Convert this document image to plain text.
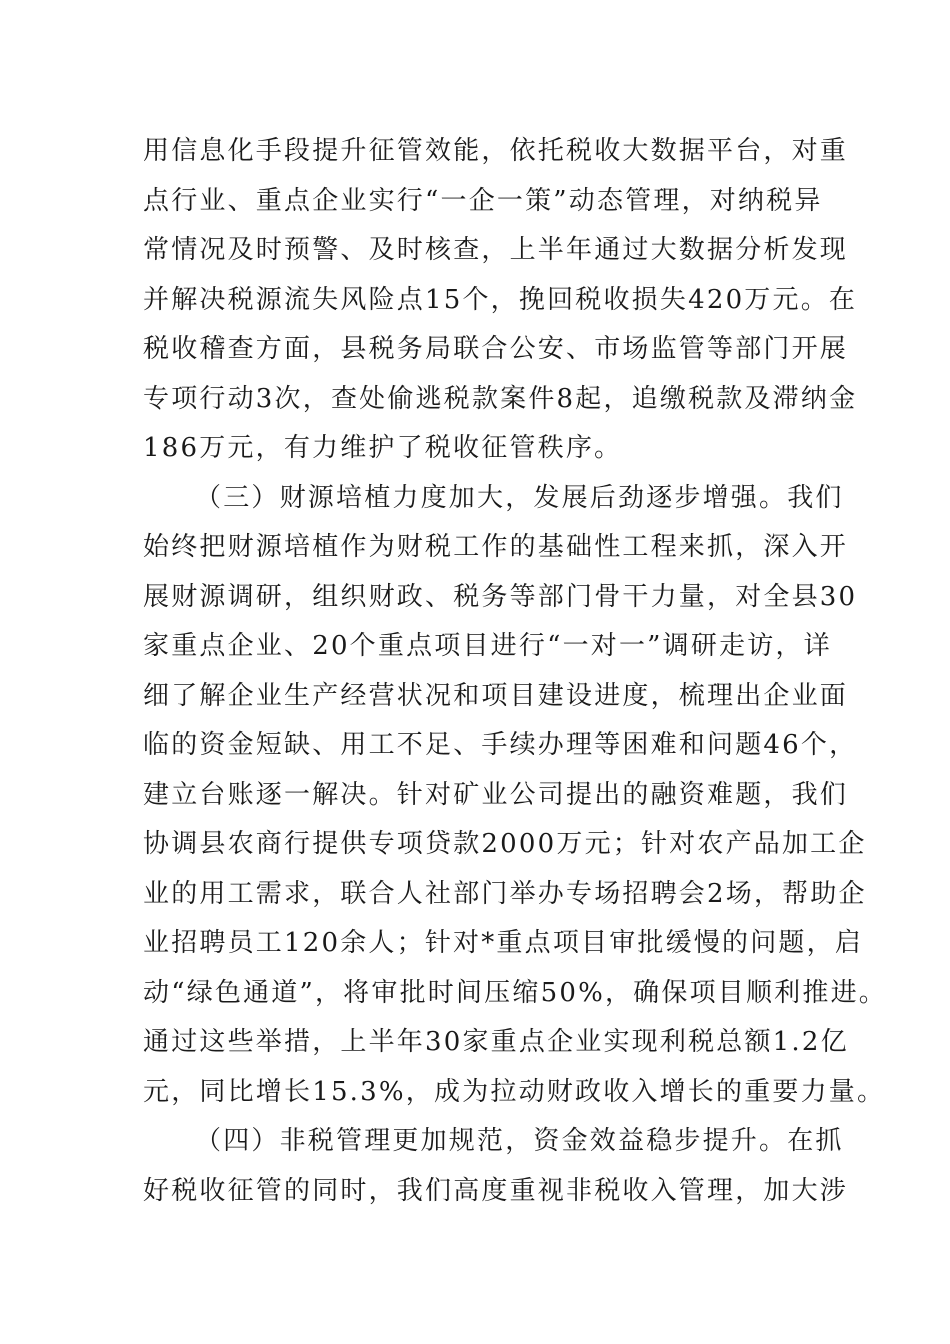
用信息化手段提升征管效能，依托税收大数据平台，对重
点行业、重点企业实行“一企一策”动态管理，对纳税异
常情况及时预警、及时核查，上半年通过大数据分析发现
并解决税源流失风险点15个，挽回税收损失420万元。在
税收稽查方面，县税务局联合公安、市场监管等部门开展
专项行动3次，查处偷逃税款案件8起，追缴税款及滞纳金
186万元，有力维护了税收征管秩序。
（三）财源培植力度加大，发展后劲逐步增强。我们
始终把财源培植作为财税工作的基础性工程来抓，深入开
展财源调研，组织财政、税务等部门骨干力量，对全县30
家重点企业、20个重点项目进行“一对一”调研走访，详
细了解企业生产经营状况和项目建设进度，梳理出企业面
临的资金短缺、用工不足、手续办理等困难和问题46个，
建立台账逐一解决。针对矿业公司提出的融资难题，我们
协调县农商行提供专项贷款2000万元；针对农产品加工企
业的用工需求，联合人社部门举办专场招聘会2场，帮助企
业招聘员工120余人；针对*重点项目审批缓慢的问题，启
动“绿色通道”，将审批时间压缩50%，确保项目顺利推进。
通过这些举措，上半年30家重点企业实现利税总额1.2亿
元，同比增长15.3%，成为拉动财政收入增长的重要力量。
（四）非税管理更加规范，资金效益稳步提升。在抓
好税收征管的同时，我们高度重视非税收入管理，加大涉
